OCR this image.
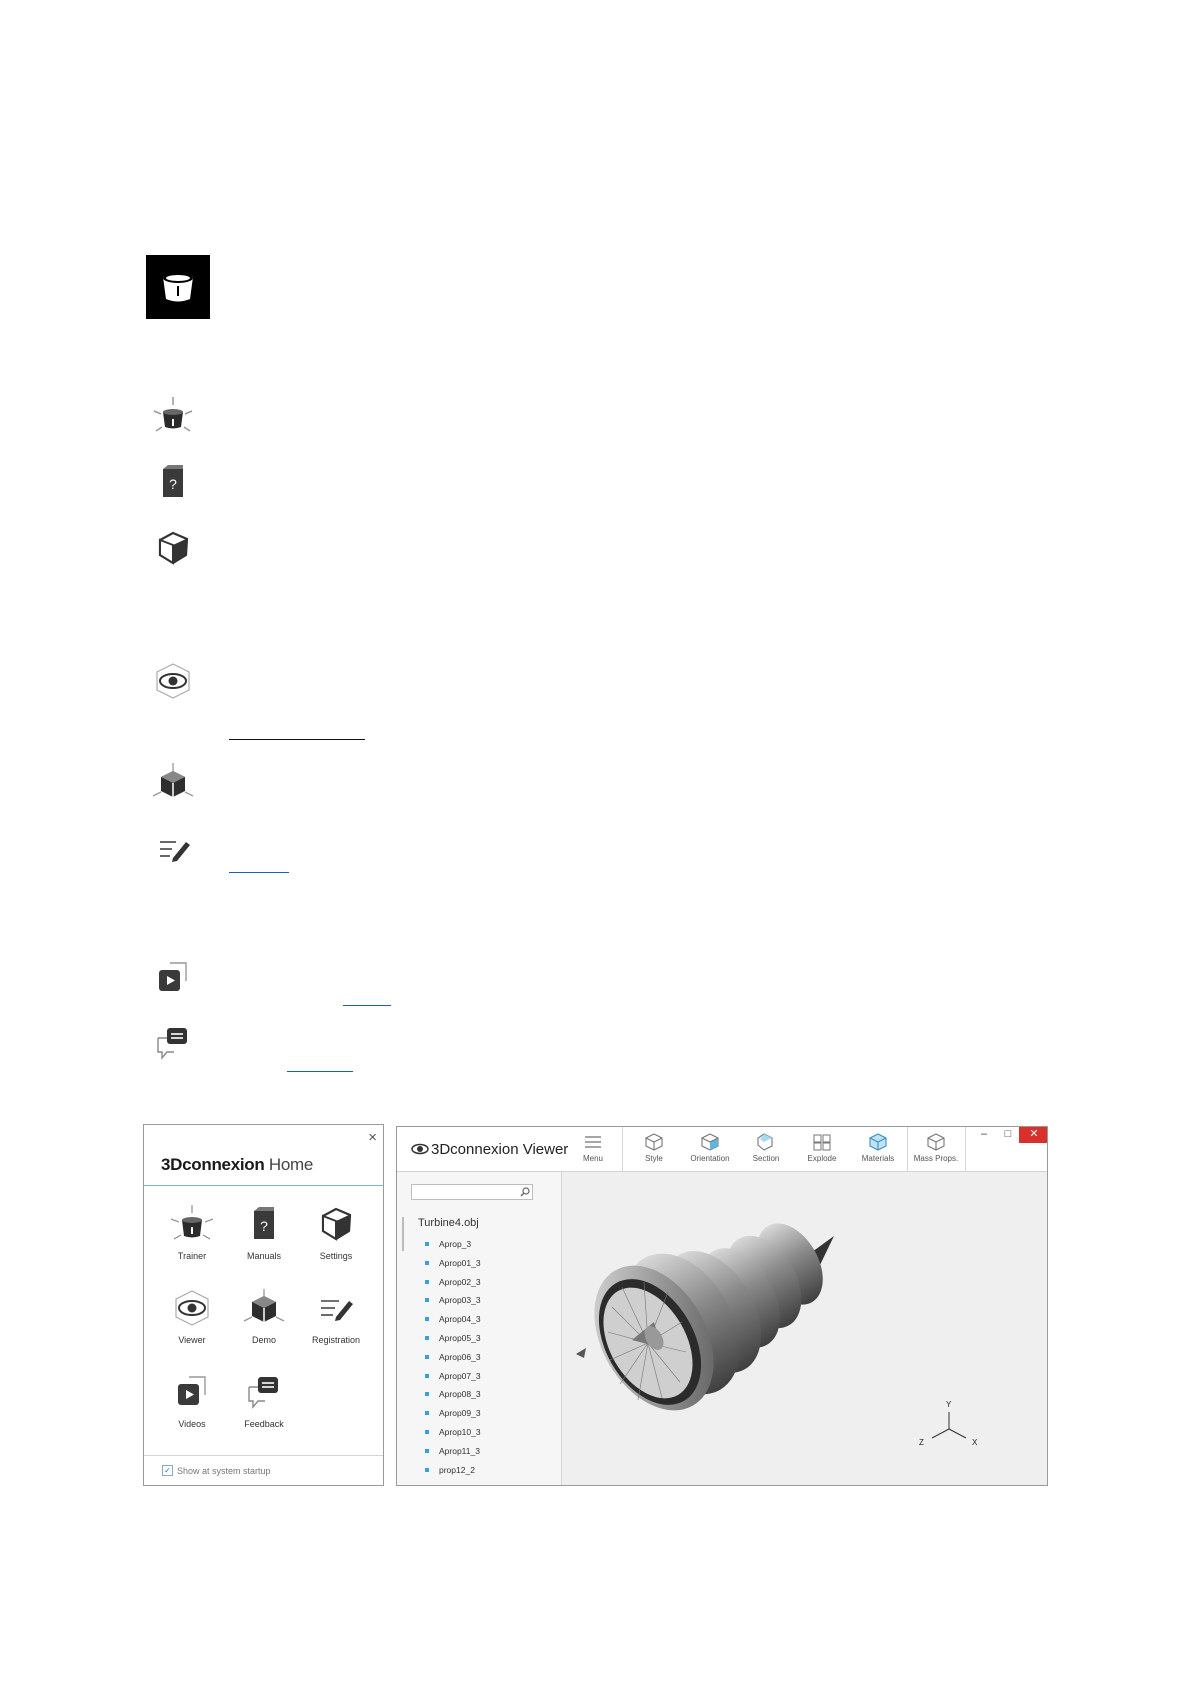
?
3Dconnexion Home
×
Trainer
?
Manuals	Settings
Viewer	Demo	Registration
Videos	Feedback
✓ Show at system startup
3Dconnexion Viewer
Menu	Style	Orientation	Section	Explode	Materials	Mass Props.
–	□	✕
Turbine4.obj
Aprop_3
Aprop01_3
Aprop02_3
Aprop03_3
Aprop04_3
Aprop05_3
Aprop06_3
Aprop07_3
Aprop08_3
Aprop09_3
Aprop10_3
Aprop11_3
prop12_2
Y
Z	X
